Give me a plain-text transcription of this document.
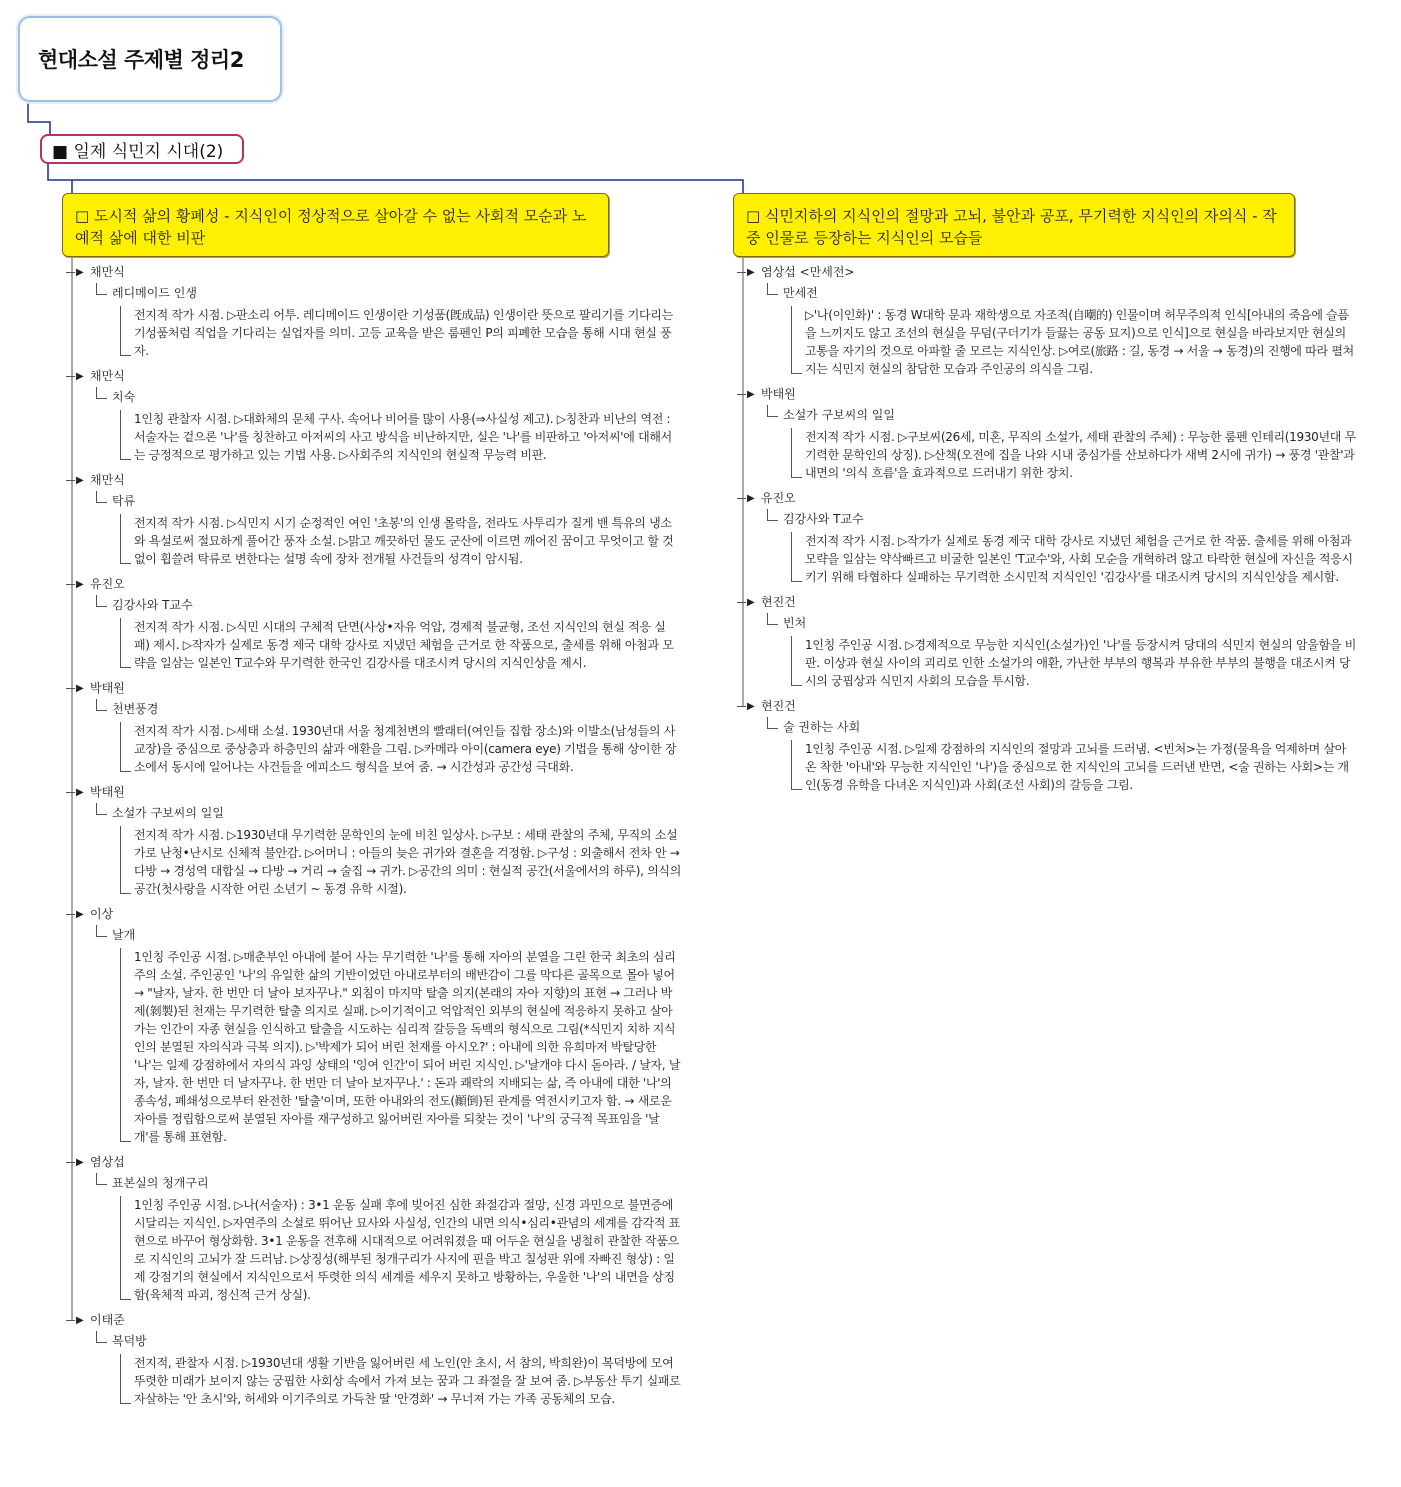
현대소설 주제별 정리2
■ 일제 식민지 시대(2)
□ 도시적 삶의 황폐성 - 지식인이 정상적으로 살아갈 수 없는 사회적 모순과 노예적 삶에 대한 비판
□ 식민지하의 지식인의 절망과 고뇌, 불안과 공포, 무기력한 지식인의 자의식 - 작중 인물로 등장하는 지식인의 모습들
▶ 채만식
레디메이드 인생
전지적 작가 시점. ▷판소리 어투. 레디메이드 인생이란 기성품(旣成品) 인생이란 뜻으로 팔리기를 기다리는 기성품처럼 직업을 기다리는 실업자를 의미. 고등 교육을 받은 룸펜인 P의 피폐한 모습을 통해 시대 현실 풍자.
▶ 채만식
치숙
1인칭 관찰자 시점. ▷대화체의 문체 구사. 속어나 비어를 많이 사용(⇒사실성 제고). ▷칭찬과 비난의 역전 : 서술자는 겉으론 '나'를 칭찬하고 아저씨의 사고 방식을 비난하지만, 실은 '나'를 비판하고 '아저씨'에 대해서는 긍정적으로 평가하고 있는 기법 사용. ▷사회주의 지식인의 현실적 무능력 비판.
▶ 채만식
탁류
전지적 작가 시점. ▷식민지 시기 순정적인 여인 '초봉'의 인생 몰락을, 전라도 사투리가 질게 밴 특유의 냉소와 욕설로써 절묘하게 풀어간 풍자 소설. ▷맑고 깨끗하던 물도 군산에 이르면 깨어진 꿈이고 무엇이고 할 것 없이 휩쓸려 탁류로 변한다는 설명 속에 장차 전개될 사건들의 성격이 암시됨.
▶ 유진오
김강사와 T교수
전지적 작가 시점. ▷식민 시대의 구체적 단면(사상•자유 억압, 경제적 불균형, 조선 지식인의 현실 적응 실패) 제시. ▷작자가 실제로 동경 제국 대학 강사로 지냈던 체험을 근거로 한 작품으로, 출세를 위해 아첨과 모략을 일삼는 일본인 T교수와 무기력한 한국인 김강사를 대조시켜 당시의 지식인상을 제시.
▶ 박태원
천변풍경
전지적 작가 시점. ▷세태 소설. 1930년대 서울 청계천변의 빨래터(여인들 집합 장소)와 이발소(남성들의 사교장)을 중심으로 중상층과 하층민의 삶과 애환을 그림. ▷카메라 아이(camera eye) 기법을 통해 상이한 장소에서 동시에 일어나는 사건들을 에피소드 형식을 보여 줌. → 시간성과 공간성 극대화.
▶ 박태원
소설가 구보씨의 일일
전지적 작가 시점. ▷1930년대 무기력한 문학인의 눈에 비친 일상사. ▷구보 : 세태 관찰의 주체, 무직의 소설가로 난청•난시로 신체적 불안감. ▷어머니 : 아들의 늦은 귀가와 결혼을 걱정함. ▷구성 : 외출해서 전차 안 → 다방 → 경성역 대합실 → 다방 → 거리 → 술집 → 귀가. ▷공간의 의미 : 현실적 공간(서울에서의 하루), 의식의 공간(첫사랑을 시작한 어린 소년기 ~ 동경 유학 시절).
▶ 이상
날개
1인칭 주인공 시점. ▷매춘부인 아내에 붙어 사는 무기력한 '나'를 통해 자아의 분열을 그린 한국 최초의 심리주의 소설. 주인공인 '나'의 유일한 삶의 기반이었던 아내로부터의 배반감이 그를 막다른 골목으로 몰아 넣어 → "날자, 날자. 한 번만 더 날아 보자꾸나." 외침이 마지막 탈출 의지(본래의 자아 지향)의 표현 → 그러나 박제(剝製)된 천재는 무기력한 탈출 의지로 실패. ▷이기적이고 억압적인 외부의 현실에 적응하지 못하고 살아가는 인간이 자종 현실을 인식하고 탈출을 시도하는 심리적 갈등을 독백의 형식으로 그림(*식민지 치하 지식인의 분열된 자의식과 극복 의지). ▷'박제가 되어 버린 천재를 아시오?' : 아내에 의한 유희마저 박탈당한 '나'는 일제 강점하에서 자의식 과잉 상태의 '잉여 인간'이 되어 버린 지식인. ▷'날개야 다시 돋아라. / 날자, 날자, 날자. 한 번만 더 날자꾸나. 한 번만 더 날아 보자꾸나.' : 돈과 쾌락의 지배되는 삶, 즉 아내에 대한 '나'의 종속성, 폐쇄성으로부터 완전한 '탈출'이며, 또한 아내와의 전도(顚倒)된 관계를 역전시키고자 함. → 새로운 자아를 정립함으로써 분열된 자아를 재구성하고 잃어버린 자아를 되찾는 것이 '나'의 궁극적 목표임을 '날개'를 통해 표현함.
▶ 염상섭
표본실의 청개구리
1인칭 주인공 시점. ▷나(서술자) : 3•1 운동 실패 후에 빚어진 심한 좌절감과 절망, 신경 과민으로 불면증에 시달리는 지식인. ▷자연주의 소설로 뛰어난 묘사와 사실성, 인간의 내면 의식•심리•관념의 세계를 감각적 표현으로 바꾸어 형상화함. 3•1 운동을 전후해 시대적으로 어려워졌을 때 어두운 현실을 냉철히 관찰한 작품으로 지식인의 고뇌가 잘 드러남. ▷상징성(해부된 청개구리가 사지에 핀을 박고 칠성판 위에 자빠진 형상) : 일제 강점기의 현실에서 지식인으로서 뚜렷한 의식 세계를 세우지 못하고 방황하는, 우울한 '나'의 내면을 상징함(육체적 파괴, 정신적 근거 상실).
▶ 이태준
복덕방
전지적, 관찰자 시점. ▷1930년대 생활 기반을 잃어버린 세 노인(안 초시, 서 참의, 박희완)이 복덕방에 모여 뚜렷한 미래가 보이지 않는 궁핍한 사회상 속에서 가져 보는 꿈과 그 좌절을 잘 보여 줌. ▷부동산 투기 실패로 자살하는 '안 초시'와, 허세와 이기주의로 가득찬 딸 '안경화' → 무너져 가는 가족 공동체의 모습.
▶ 염상섭 <만세전>
만세전
▷'나(이인화)' : 동경 W대학 문과 재학생으로 자조적(自嘲的) 인물이며 허무주의적 인식[아내의 죽음에 슬픔을 느끼지도 않고 조선의 현실을 무덤(구더기가 들끓는 공동 묘지)으로 인식]으로 현실을 바라보지만 현실의 고통을 자기의 것으로 아파할 줄 모르는 지식인상. ▷여로(旅路 : 길, 동경 → 서울 → 동경)의 진행에 따라 펼쳐지는 식민지 현실의 참담한 모습과 주인공의 의식을 그림.
▶ 박태원
소설가 구보씨의 일일
전지적 작가 시점. ▷구보씨(26세, 미혼, 무직의 소설가, 세태 관찰의 주체) : 무능한 룸펜 인테리(1930년대 무기력한 문학인의 상징). ▷산책(오전에 집을 나와 시내 중심가를 산보하다가 새벽 2시에 귀가) → 풍경 '관찰'과 내면의 '의식 흐름'을 효과적으로 드러내기 위한 장치.
▶ 유진오
김강사와 T교수
전지적 작가 시점. ▷작가가 실제로 동경 제국 대학 강사로 지냈던 체험을 근거로 한 작품. 출세를 위해 아첨과 모략을 일삼는 약삭빠르고 비굴한 일본인 'T교수'와, 사회 모순을 개혁하려 않고 타락한 현실에 자신을 적응시키기 위해 타협하다 실패하는 무기력한 소시민적 지식인인 '김강사'를 대조시켜 당시의 지식인상을 제시함.
▶ 현진건
빈처
1인칭 주인공 시점. ▷경제적으로 무능한 지식인(소설가)인 '나'를 등장시켜 당대의 식민지 현실의 암울함을 비판. 이상과 현실 사이의 괴리로 인한 소설가의 애환, 가난한 부부의 행복과 부유한 부부의 불행을 대조시켜 당시의 궁핍상과 식민지 사회의 모습을 투시함.
▶ 현진건
술 권하는 사회
1인칭 주인공 시점. ▷일제 강점하의 지식인의 절망과 고뇌를 드러냄. <빈처>는 가정(물욕을 억제하며 살아온 착한 '아내'와 무능한 지식인인 '나')을 중심으로 한 지식인의 고뇌를 드러낸 반면, <술 권하는 사회>는 개인(동경 유학을 다녀온 지식인)과 사회(조선 사회)의 갈등을 그림.
